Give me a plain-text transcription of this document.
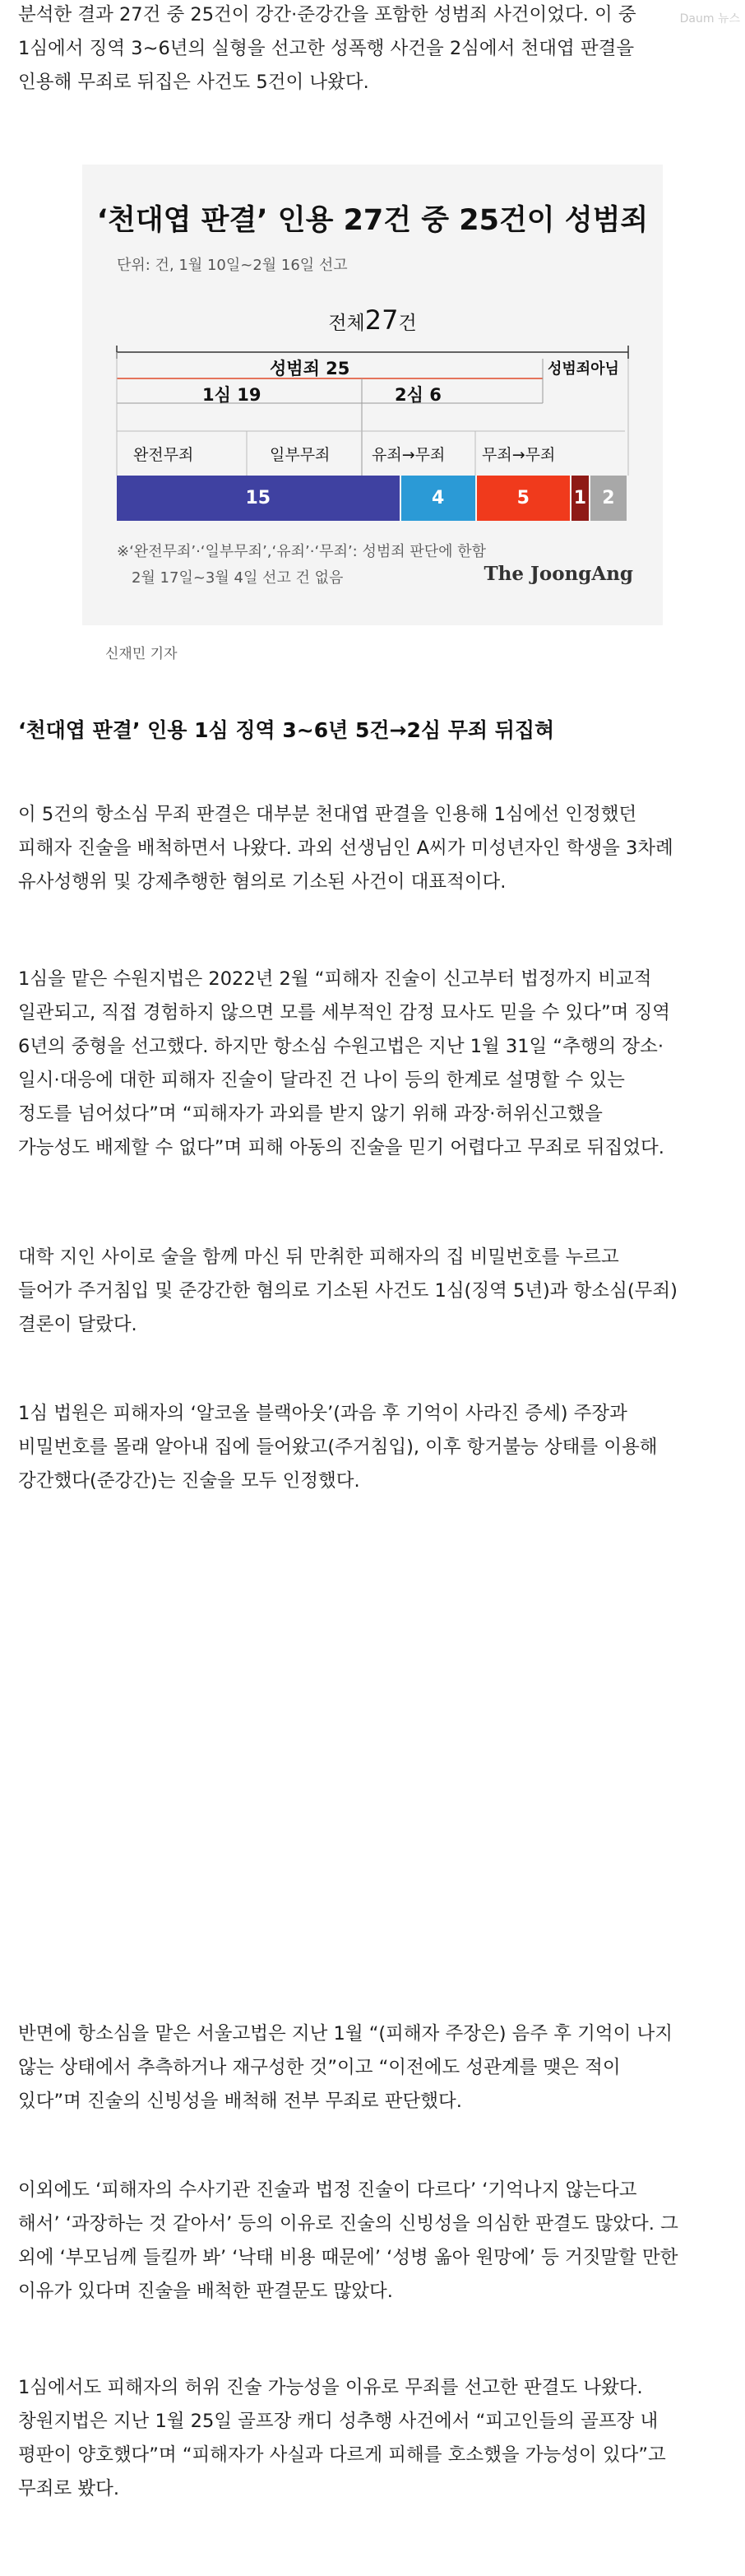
Daum 뉴스

분석한 결과 27건 중 25건이 강간·준강간을 포함한 성범죄 사건이었다. 이 중

1심에서 징역 3~6년의 실형을 선고한 성폭행 사건을 2심에서 천대엽 판결을

인용해 무죄로 뒤집은 사건도 5건이 나왔다.

‘천대엽 판결’ 인용 27건 중 25건이 성범죄
단위: 건, 1월 10일~2월 16일 선고
전체27건
성범죄 25	성범죄아님
1심 19	2심 6
완전무죄	일부무죄	유죄→무죄 무죄→무죄
15	4	5 1 2
※‘완전무죄’·‘일부무죄’,‘유죄’·‘무죄’: 성범죄 판단에 한함
2월 17일~3월 4일 선고 건 없음	The JoongAng
신재민 기자
‘천대엽 판결’ 인용 1심 징역 3~6년 5건→2심 무죄 뒤집혀

이 5건의 항소심 무죄 판결은 대부분 천대엽 판결을 인용해 1심에선 인정했던

피해자 진술을 배척하면서 나왔다. 과외 선생님인 A씨가 미성년자인 학생을 3차례

유사성행위 및 강제추행한 혐의로 기소된 사건이 대표적이다.

1심을 맡은 수원지법은 2022년 2월 “피해자 진술이 신고부터 법정까지 비교적

일관되고, 직접 경험하지 않으면 모를 세부적인 감정 묘사도 믿을 수 있다”며 징역

6년의 중형을 선고했다. 하지만 항소심 수원고법은 지난 1월 31일 “추행의 장소·

일시·대응에 대한 피해자 진술이 달라진 건 나이 등의 한계로 설명할 수 있는

정도를 넘어섰다”며 “피해자가 과외를 받지 않기 위해 과장·허위신고했을

가능성도 배제할 수 없다”며 피해 아동의 진술을 믿기 어렵다고 무죄로 뒤집었다.

대학 지인 사이로 술을 함께 마신 뒤 만취한 피해자의 집 비밀번호를 누르고

들어가 주거침입 및 준강간한 혐의로 기소된 사건도 1심(징역 5년)과 항소심(무죄)

결론이 달랐다.

1심 법원은 피해자의 ‘알코올 블랙아웃’(과음 후 기억이 사라진 증세) 주장과

비밀번호를 몰래 알아내 집에 들어왔고(주거침입), 이후 항거불능 상태를 이용해

강간했다(준강간)는 진술을 모두 인정했다.

반면에 항소심을 맡은 서울고법은 지난 1월 “(피해자 주장은) 음주 후 기억이 나지

않는 상태에서 추측하거나 재구성한 것”이고 “이전에도 성관계를 맺은 적이

있다”며 진술의 신빙성을 배척해 전부 무죄로 판단했다.

이외에도 ‘피해자의 수사기관 진술과 법정 진술이 다르다’ ‘기억나지 않는다고

해서’ ‘과장하는 것 같아서’ 등의 이유로 진술의 신빙성을 의심한 판결도 많았다. 그

외에 ‘부모님께 들킬까 봐’ ‘낙태 비용 때문에’ ‘성병 옮아 원망에’ 등 거짓말할 만한

이유가 있다며 진술을 배척한 판결문도 많았다.

1심에서도 피해자의 허위 진술 가능성을 이유로 무죄를 선고한 판결도 나왔다.

창원지법은 지난 1월 25일 골프장 캐디 성추행 사건에서 “피고인들의 골프장 내

평판이 양호했다”며 “피해자가 사실과 다르게 피해를 호소했을 가능성이 있다”고

무죄로 봤다.
